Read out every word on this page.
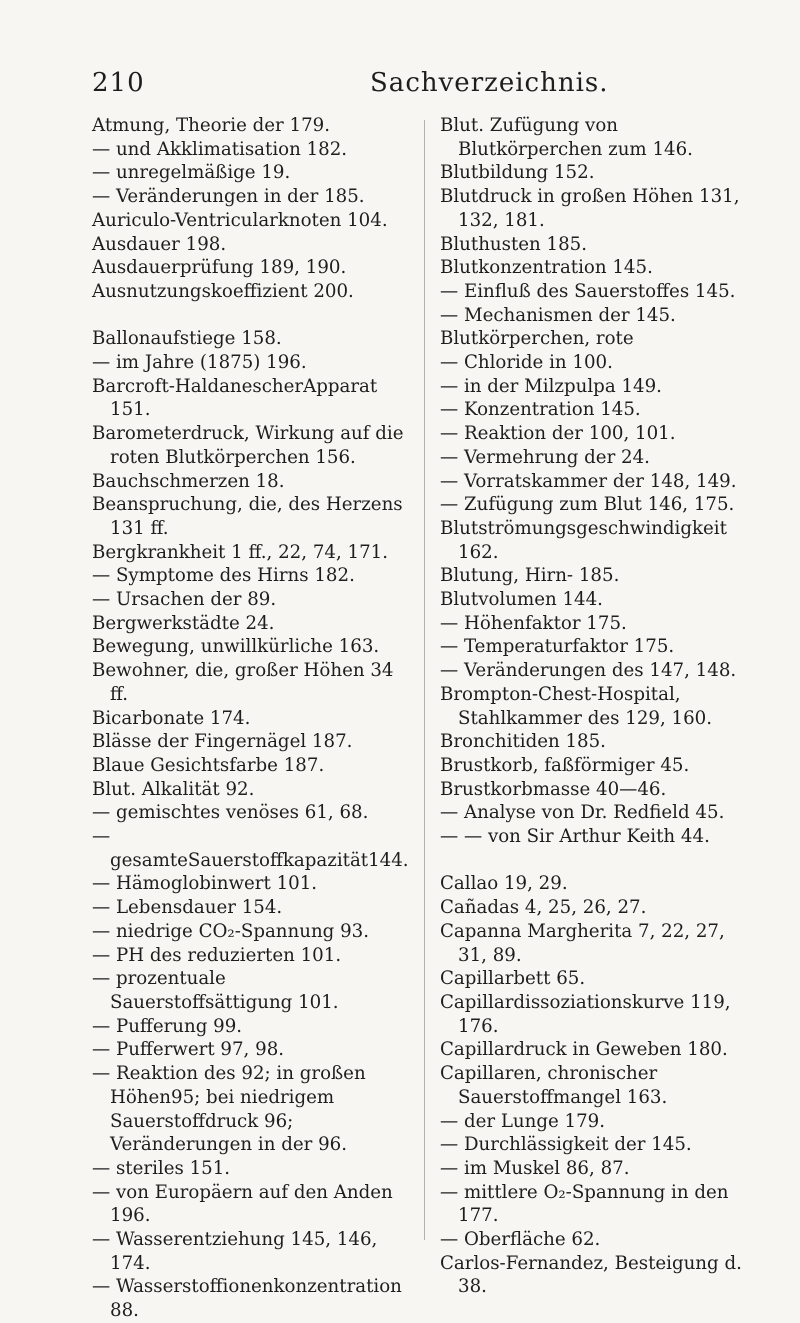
210	Sachverzeichnis.
Atmung, Theorie der 179.
— und Akklimatisation 182.
— unregelmäßige 19.
— Veränderungen in der 185.
Auriculo-Ventricularknoten 104.
Ausdauer 198.
Ausdauerprüfung 189, 190.
Ausnutzungskoeffizient 200.
Ballonaufstiege 158.
— im Jahre (1875) 196.
Barcroft-HaldanescherApparat 151.
Barometerdruck, Wirkung auf die roten Blutkörperchen 156.
Bauchschmerzen 18.
Beanspruchung, die, des Herzens 131 ff.
Bergkrankheit 1 ff., 22, 74, 171.
— Symptome des Hirns 182.
— Ursachen der 89.
Bergwerkstädte 24.
Bewegung, unwillkürliche 163.
Bewohner, die, großer Höhen 34 ff.
Bicarbonate 174.
Blässe der Fingernägel 187.
Blaue Gesichtsfarbe 187.
Blut. Alkalität 92.
— gemischtes venöses 61, 68.
— gesamteSauerstoffkapazität144.
— Hämoglobinwert 101.
— Lebensdauer 154.
— niedrige CO₂-Spannung 93.
— PH des reduzierten 101.
— prozentuale Sauerstoffsättigung 101.
— Pufferung 99.
— Pufferwert 97, 98.
— Reaktion des 92; in großen Höhen95; bei niedrigem Sauerstoffdruck 96; Veränderungen in der 96.
— steriles 151.
— von Europäern auf den Anden 196.
— Wasserentziehung 145, 146, 174.
— Wasserstoffionenkonzentration 88.
Blut. Zufügung von Blutkörperchen zum 146.
Blutbildung 152.
Blutdruck in großen Höhen 131, 132, 181.
Bluthusten 185.
Blutkonzentration 145.
— Einfluß des Sauerstoffes 145.
— Mechanismen der 145.
Blutkörperchen, rote
— Chloride in 100.
— in der Milzpulpa 149.
— Konzentration 145.
— Reaktion der 100, 101.
— Vermehrung der 24.
— Vorratskammer der 148, 149.
— Zufügung zum Blut 146, 175.
Blutströmungsgeschwindigkeit 162.
Blutung, Hirn- 185.
Blutvolumen 144.
— Höhenfaktor 175.
— Temperaturfaktor 175.
— Veränderungen des 147, 148.
Brompton-Chest-Hospital, Stahlkammer des 129, 160.
Bronchitiden 185.
Brustkorb, faßförmiger 45.
Brustkorbmasse 40—46.
— Analyse von Dr. Redfield 45.
— — von Sir Arthur Keith 44.
Callao 19, 29.
Cañadas 4, 25, 26, 27.
Capanna Margherita 7, 22, 27, 31, 89.
Capillarbett 65.
Capillardissoziationskurve 119, 176.
Capillardruck in Geweben 180.
Capillaren, chronischer Sauerstoffmangel 163.
— der Lunge 179.
— Durchlässigkeit der 145.
— im Muskel 86, 87.
— mittlere O₂-Spannung in den 177.
— Oberfläche 62.
Carlos-Fernandez, Besteigung d. 38.
